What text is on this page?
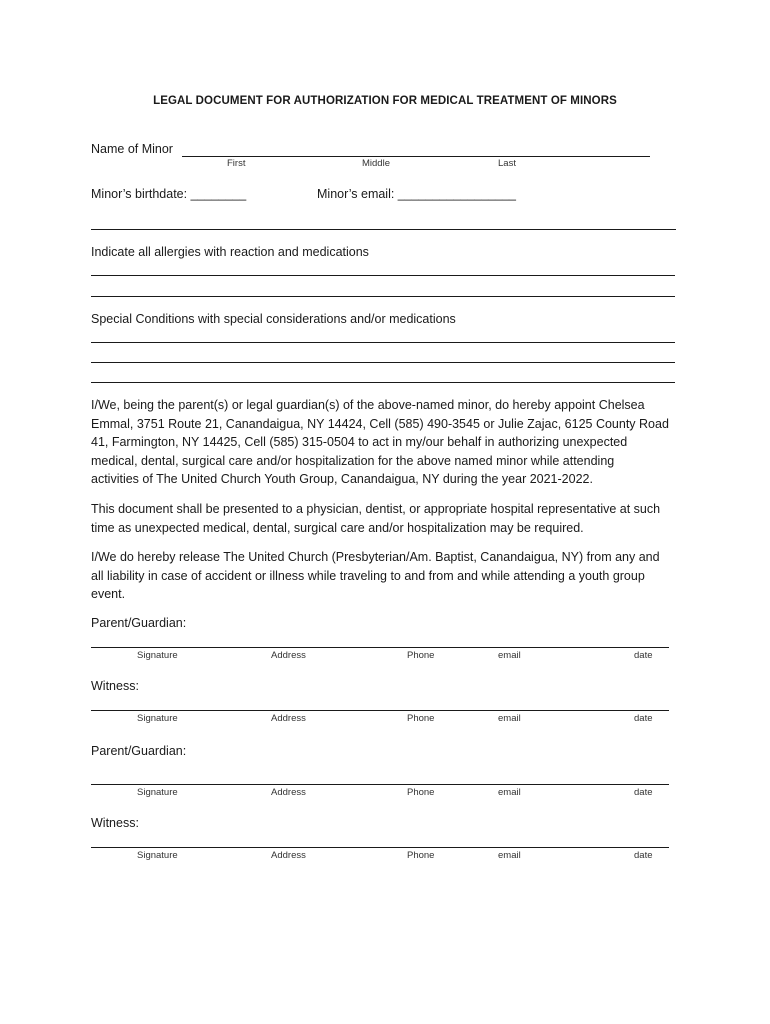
LEGAL DOCUMENT FOR AUTHORIZATION FOR MEDICAL TREATMENT OF MINORS
Name of Minor
First	Middle	Last
Minor’s birthdate: ________	Minor’s email: _________________
Indicate all allergies with reaction and medications
Special Conditions with special considerations and/or medications
I/We, being the parent(s) or legal guardian(s) of the above-named minor, do hereby appoint Chelsea
Emmal, 3751 Route 21, Canandaigua, NY 14424, Cell (585) 490-3545 or Julie Zajac, 6125 County Road
41, Farmington, NY 14425, Cell (585) 315-0504 to act in my/our behalf in authorizing unexpected
medical, dental, surgical care and/or hospitalization for the above named minor while attending
activities of The United Church Youth Group, Canandaigua, NY during the year 2021-2022.
This document shall be presented to a physician, dentist, or appropriate hospital representative at such
time as unexpected medical, dental, surgical care and/or hospitalization may be required.
I/We do hereby release The United Church (Presbyterian/Am. Baptist, Canandaigua, NY) from any and
all liability in case of accident or illness while traveling to and from and while attending a youth group
event.
Parent/Guardian:
Signature	Address	Phone	email	date
Witness:
Signature	Address	Phone	email	date
Parent/Guardian:
Signature	Address	Phone	email	date
Witness:
Signature	Address	Phone	email	date
